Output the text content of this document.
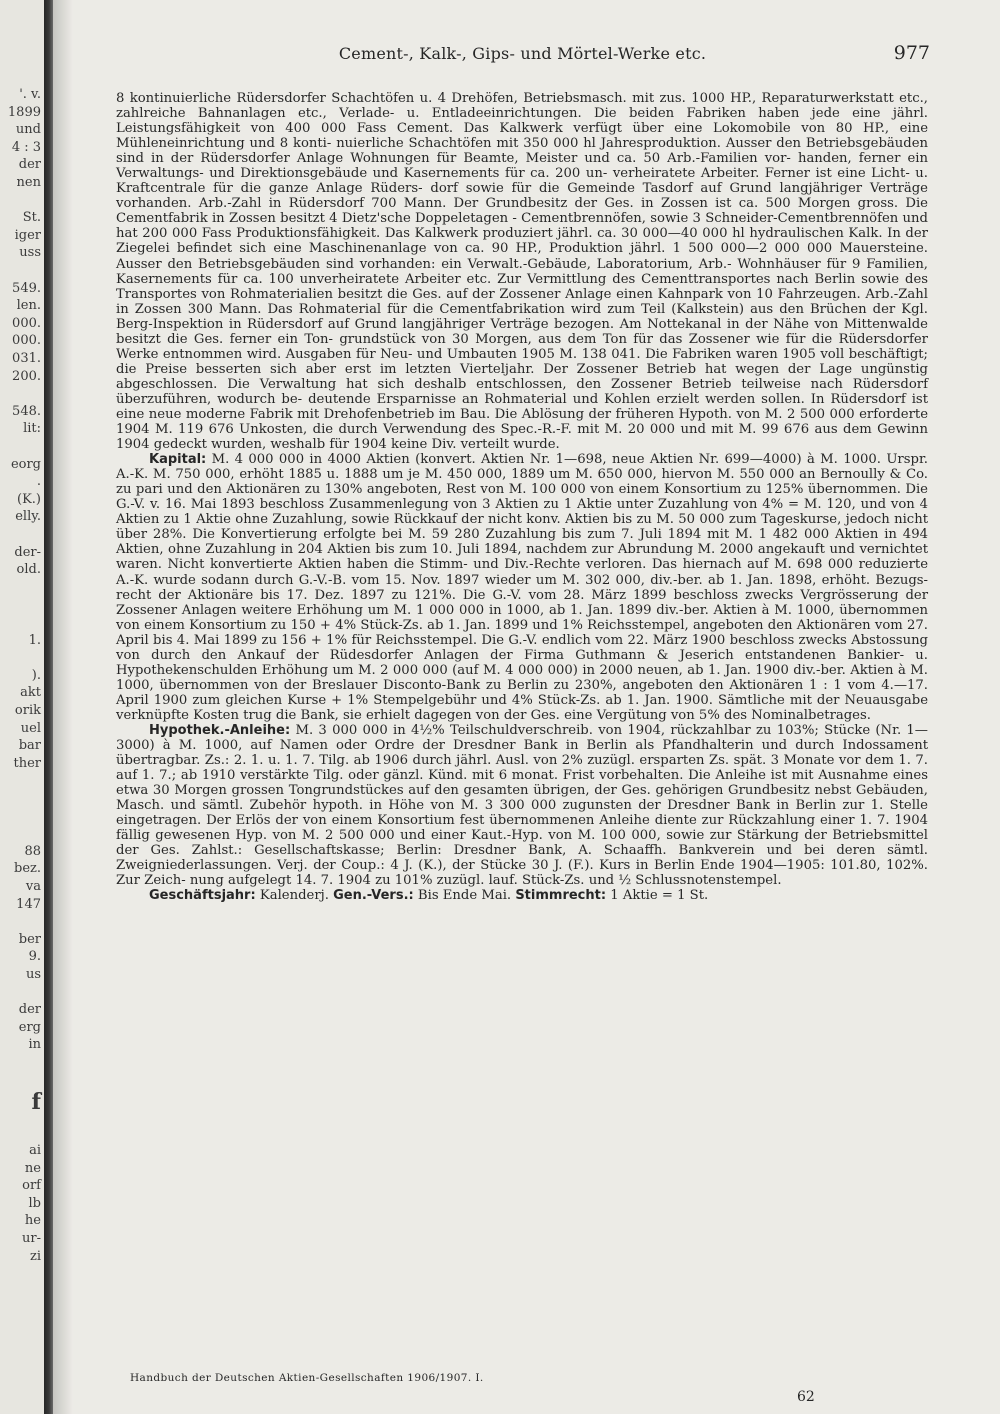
'. v.
1899
und
4 : 3
der
nen
St.
iger
uss
549.
len.
000.
000.
031.
200.
548.
lit:
eorg
.
(K.)
elly.
der-
old.
1.
).
akt
orik
uel
bar
ther
88
bez.
va
147
ber
9.
us
der
erg
in
f
ai
ne
orf
lb
he
ur-
zi
Cement-, Kalk-, Gips- und Mörtel-Werke etc.	977

8 kontinuierliche Rüdersdorfer Schachtöfen u. 4 Drehöfen, Betriebsmasch. mit zus. 1000 HP., Reparaturwerkstatt etc., zahlreiche Bahnanlagen etc., Verlade- u. Entladeeinrichtungen. Die beiden Fabriken haben jede eine jährl. Leistungsfähigkeit von 400 000 Fass Cement. Das Kalkwerk verfügt über eine Lokomobile von 80 HP., eine Mühleneinrichtung und 8 konti- nuierliche Schachtöfen mit 350 000 hl Jahresproduktion. Ausser den Betriebsgebäuden sind in der Rüdersdorfer Anlage Wohnungen für Beamte, Meister und ca. 50 Arb.-Familien vor- handen, ferner ein Verwaltungs- und Direktionsgebäude und Kasernements für ca. 200 un- verheiratete Arbeiter. Ferner ist eine Licht- u. Kraftcentrale für die ganze Anlage Rüders- dorf sowie für die Gemeinde Tasdorf auf Grund langjähriger Verträge vorhanden. Arb.-Zahl in Rüdersdorf 700 Mann. Der Grundbesitz der Ges. in Zossen ist ca. 500 Morgen gross. Die Cementfabrik in Zossen besitzt 4 Dietz'sche Doppeletagen - Cementbrennöfen, sowie 3 Schneider-Cementbrennöfen und hat 200 000 Fass Produktionsfähigkeit. Das Kalkwerk produziert jährl. ca. 30 000—40 000 hl hydraulischen Kalk. In der Ziegelei befindet sich eine Maschinenanlage von ca. 90 HP., Produktion jährl. 1 500 000—2 000 000 Mauersteine. Ausser den Betriebsgebäuden sind vorhanden: ein Verwalt.-Gebäude, Laboratorium, Arb.- Wohnhäuser für 9 Familien, Kasernements für ca. 100 unverheiratete Arbeiter etc. Zur Vermittlung des Cementtransportes nach Berlin sowie des Transportes von Rohmaterialien besitzt die Ges. auf der Zossener Anlage einen Kahnpark von 10 Fahrzeugen. Arb.-Zahl in Zossen 300 Mann. Das Rohmaterial für die Cementfabrikation wird zum Teil (Kalkstein) aus den Brüchen der Kgl. Berg-Inspektion in Rüdersdorf auf Grund langjähriger Verträge bezogen. Am Nottekanal in der Nähe von Mittenwalde besitzt die Ges. ferner ein Ton- grundstück von 30 Morgen, aus dem Ton für das Zossener wie für die Rüdersdorfer Werke entnommen wird. Ausgaben für Neu- und Umbauten 1905 M. 138 041. Die Fabriken waren 1905 voll beschäftigt; die Preise besserten sich aber erst im letzten Vierteljahr. Der Zossener Betrieb hat wegen der Lage ungünstig abgeschlossen. Die Verwaltung hat sich deshalb entschlossen, den Zossener Betrieb teilweise nach Rüdersdorf überzuführen, wodurch be- deutende Ersparnisse an Rohmaterial und Kohlen erzielt werden sollen. In Rüdersdorf ist eine neue moderne Fabrik mit Drehofenbetrieb im Bau. Die Ablösung der früheren Hypoth. von M. 2 500 000 erforderte 1904 M. 119 676 Unkosten, die durch Verwendung des Spec.-R.-F. mit M. 20 000 und mit M. 99 676 aus dem Gewinn 1904 gedeckt wurden, weshalb für 1904 keine Div. verteilt wurde.

Kapital: M. 4 000 000 in 4000 Aktien (konvert. Aktien Nr. 1—698, neue Aktien Nr. 699—4000) à M. 1000. Urspr. A.-K. M. 750 000, erhöht 1885 u. 1888 um je M. 450 000, 1889 um M. 650 000, hiervon M. 550 000 an Bernoully & Co. zu pari und den Aktionären zu 130% angeboten, Rest von M. 100 000 von einem Konsortium zu 125% übernommen. Die G.-V. v. 16. Mai 1893 beschloss Zusammenlegung von 3 Aktien zu 1 Aktie unter Zuzahlung von 4% = M. 120, und von 4 Aktien zu 1 Aktie ohne Zuzahlung, sowie Rückkauf der nicht konv. Aktien bis zu M. 50 000 zum Tageskurse, jedoch nicht über 28%. Die Konvertierung erfolgte bei M. 59 280 Zuzahlung bis zum 7. Juli 1894 mit M. 1 482 000 Aktien in 494 Aktien, ohne Zuzahlung in 204 Aktien bis zum 10. Juli 1894, nachdem zur Abrundung M. 2000 angekauft und vernichtet waren. Nicht konvertierte Aktien haben die Stimm- und Div.-Rechte verloren. Das hiernach auf M. 698 000 reduzierte A.-K. wurde sodann durch G.-V.-B. vom 15. Nov. 1897 wieder um M. 302 000, div.-ber. ab 1. Jan. 1898, erhöht. Bezugs- recht der Aktionäre bis 17. Dez. 1897 zu 121%. Die G.-V. vom 28. März 1899 beschloss zwecks Vergrösserung der Zossener Anlagen weitere Erhöhung um M. 1 000 000 in 1000, ab 1. Jan. 1899 div.-ber. Aktien à M. 1000, übernommen von einem Konsortium zu 150 + 4% Stück-Zs. ab 1. Jan. 1899 und 1% Reichsstempel, angeboten den Aktionären vom 27. April bis 4. Mai 1899 zu 156 + 1% für Reichsstempel. Die G.-V. endlich vom 22. März 1900 beschloss zwecks Abstossung von durch den Ankauf der Rüdesdorfer Anlagen der Firma Guthmann & Jeserich entstandenen Bankier- u. Hypothekenschulden Erhöhung um M. 2 000 000 (auf M. 4 000 000) in 2000 neuen, ab 1. Jan. 1900 div.-ber. Aktien à M. 1000, übernommen von der Breslauer Disconto-Bank zu Berlin zu 230%, angeboten den Aktionären 1 : 1 vom 4.—17. April 1900 zum gleichen Kurse + 1% Stempelgebühr und 4% Stück-Zs. ab 1. Jan. 1900. Sämtliche mit der Neuausgabe verknüpfte Kosten trug die Bank, sie erhielt dagegen von der Ges. eine Vergütung von 5% des Nominalbetrages.

Hypothek.-Anleihe: M. 3 000 000 in 4½% Teilschuldverschreib. von 1904, rückzahlbar zu 103%; Stücke (Nr. 1—3000) à M. 1000, auf Namen oder Ordre der Dresdner Bank in Berlin als Pfandhalterin und durch Indossament übertragbar. Zs.: 2. 1. u. 1. 7. Tilg. ab 1906 durch jährl. Ausl. von 2% zuzügl. ersparten Zs. spät. 3 Monate vor dem 1. 7. auf 1. 7.; ab 1910 verstärkte Tilg. oder gänzl. Künd. mit 6 monat. Frist vorbehalten. Die Anleihe ist mit Ausnahme eines etwa 30 Morgen grossen Tongrundstückes auf den gesamten übrigen, der Ges. gehörigen Grundbesitz nebst Gebäuden, Masch. und sämtl. Zubehör hypoth. in Höhe von M. 3 300 000 zugunsten der Dresdner Bank in Berlin zur 1. Stelle eingetragen. Der Erlös der von einem Konsortium fest übernommenen Anleihe diente zur Rückzahlung einer 1. 7. 1904 fällig gewesenen Hyp. von M. 2 500 000 und einer Kaut.-Hyp. von M. 100 000, sowie zur Stärkung der Betriebsmittel der Ges. Zahlst.: Gesellschaftskasse; Berlin: Dresdner Bank, A. Schaaffh. Bankverein und bei deren sämtl. Zweigniederlassungen. Verj. der Coup.: 4 J. (K.), der Stücke 30 J. (F.). Kurs in Berlin Ende 1904—1905: 101.80, 102%. Zur Zeich- nung aufgelegt 14. 7. 1904 zu 101% zuzügl. lauf. Stück-Zs. und ½ Schlussnotenstempel.

Geschäftsjahr: Kalenderj. Gen.-Vers.: Bis Ende Mai. Stimmrecht: 1 Aktie = 1 St.

Handbuch der Deutschen Aktien-Gesellschaften 1906/1907. I.
62
